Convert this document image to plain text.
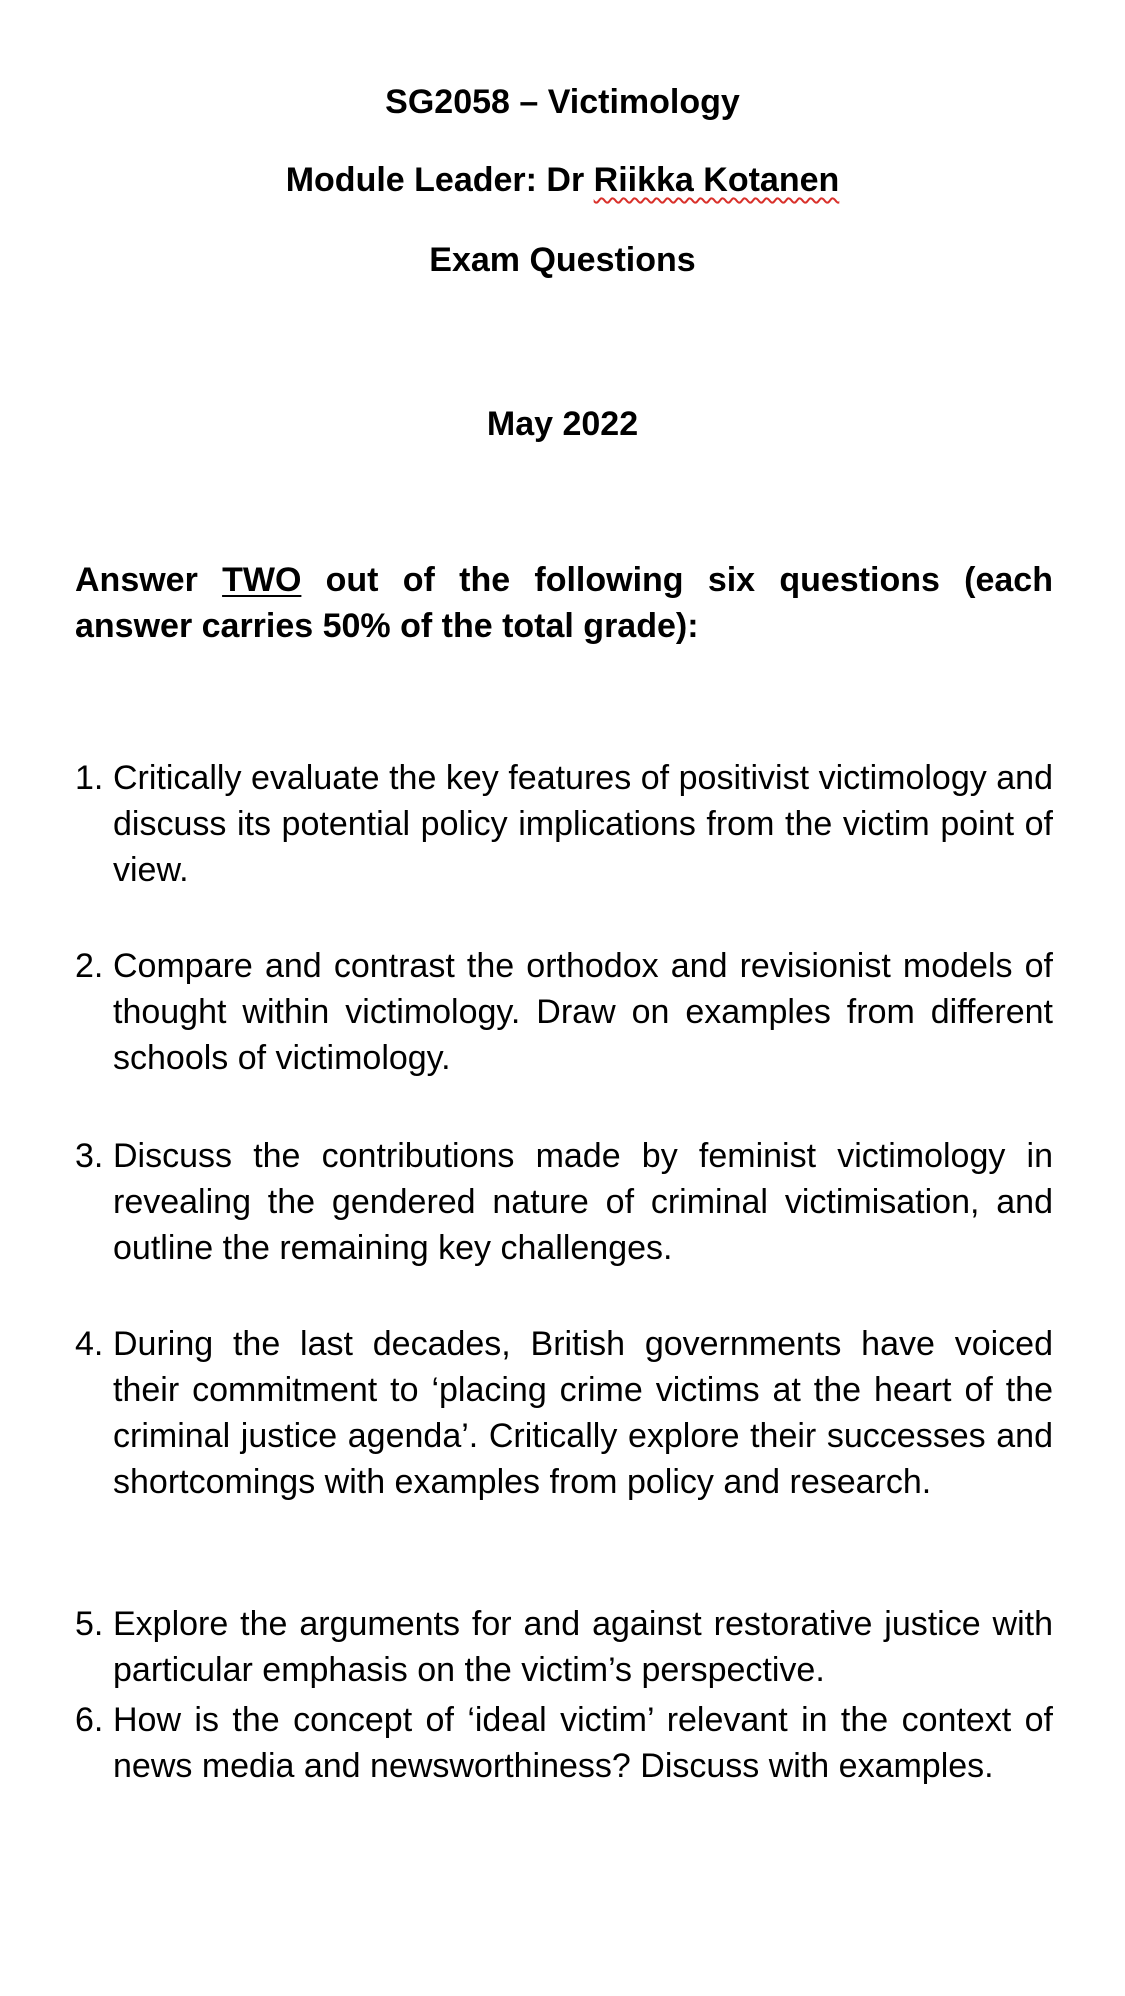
SG2058 – Victimology
Module Leader: Dr Riikka Kotanen
Exam Questions
May 2022

Answer TWO out of the following six questions (each answer carries 50% of the total grade):

1. Critically evaluate the key features of positivist victimology and discuss its potential policy implications from the victim point of view.
2. Compare and contrast the orthodox and revisionist models of thought within victimology. Draw on examples from different schools of victimology.
3. Discuss the contributions made by feminist victimology in revealing the gendered nature of criminal victimisation, and outline the remaining key challenges.
4. During the last decades, British governments have voiced their commitment to ‘placing crime victims at the heart of the criminal justice agenda’. Critically explore their successes and shortcomings with examples from policy and research.
5. Explore the arguments for and against restorative justice with particular emphasis on the victim’s perspective.
6. How is the concept of ‘ideal victim’ relevant in the context of news media and newsworthiness? Discuss with examples.
